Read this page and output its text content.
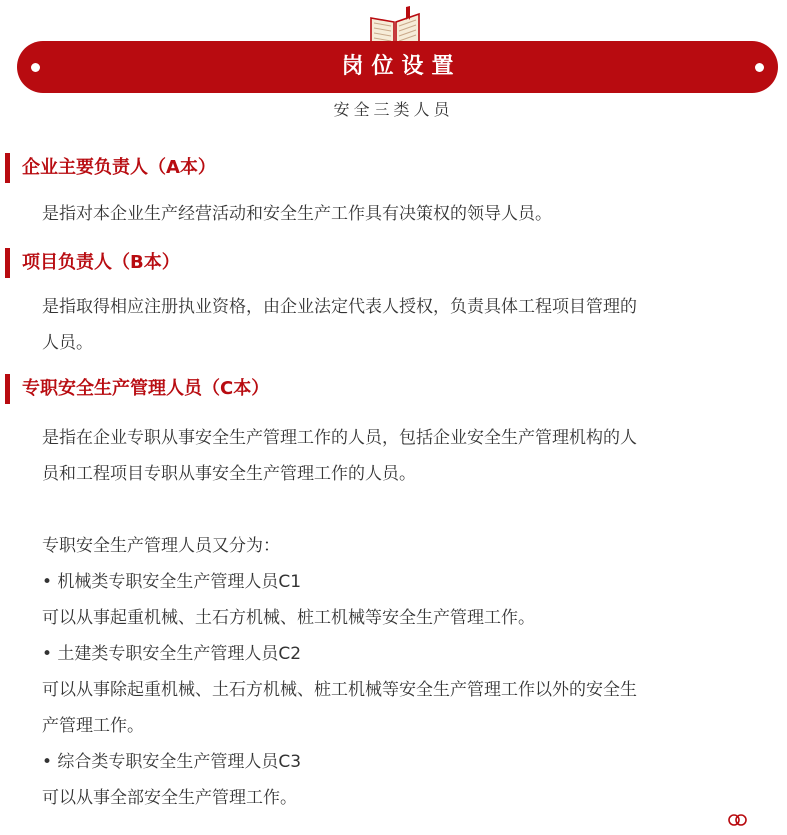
岗位设置
安全三类人员
企业主要负责人（A本）
是指对本企业生产经营活动和安全生产工作具有决策权的领导人员。
项目负责人（B本）
是指取得相应注册执业资格，由企业法定代表人授权，负责具体工程项目管理的
人员。
专职安全生产管理人员（C本）
是指在企业专职从事安全生产管理工作的人员，包括企业安全生产管理机构的人
员和工程项目专职从事安全生产管理工作的人员。
专职安全生产管理人员又分为：
• 机械类专职安全生产管理人员C1
可以从事起重机械、土石方机械、桩工机械等安全生产管理工作。
• 土建类专职安全生产管理人员C2
可以从事除起重机械、土石方机械、桩工机械等安全生产管理工作以外的安全生
产管理工作。
• 综合类专职安全生产管理人员C3
可以从事全部安全生产管理工作。
